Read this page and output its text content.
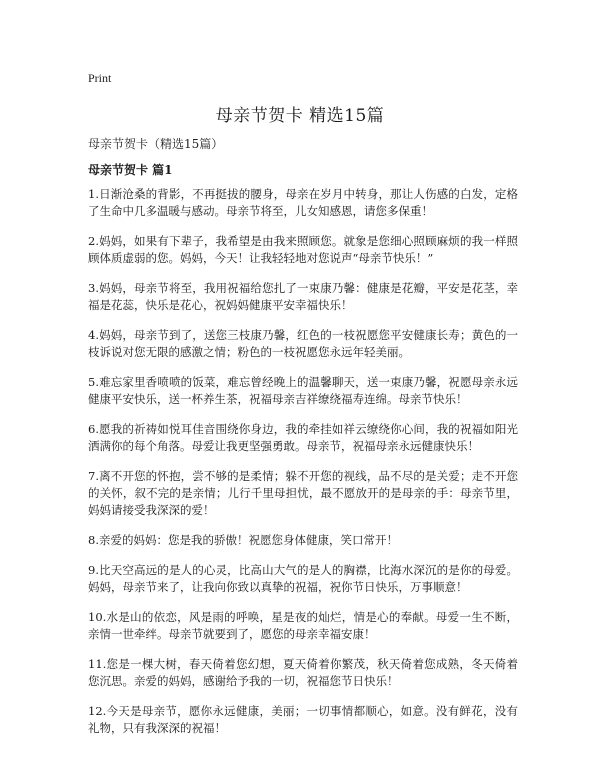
Print
母亲节贺卡 精选15篇
母亲节贺卡（精选15篇）
母亲节贺卡 篇1

1.日渐沧桑的背影，不再挺拔的腰身，母亲在岁月中转身，那让人伤感的白发，定格了生命中几多温暖与感动。母亲节将至，儿女知感恩，请您多保重！

2.妈妈，如果有下辈子，我希望是由我来照顾您。就象是您细心照顾麻烦的我一样照顾体质虚弱的您。妈妈，今天！让我轻轻地对您说声“母亲节快乐！”

3.妈妈，母亲节将至，我用祝福给您扎了一束康乃馨：健康是花瓣，平安是花茎，幸福是花蕊，快乐是花心，祝妈妈健康平安幸福快乐！

4.妈妈，母亲节到了，送您三枝康乃馨，红色的一枝祝愿您平安健康长寿；黄色的一枝诉说对您无限的感激之情；粉色的一枝祝愿您永远年轻美丽。

5.难忘家里香喷喷的饭菜，难忘曾经晚上的温馨聊天，送一束康乃馨，祝愿母亲永远健康平安快乐，送一杯养生茶，祝福母亲吉祥缭绕福寿连绵。母亲节快乐！

6.愿我的祈祷如悦耳佳音围绕你身边，我的牵挂如祥云缭绕你心间，我的祝福如阳光洒满你的每个角落。母爱让我更坚强勇敢。母亲节，祝福母亲永远健康快乐！

7.离不开您的怀抱，尝不够的是柔情；躲不开您的视线，品不尽的是关爱；走不开您的关怀，叙不完的是亲情；儿行千里母担忧，最不愿放开的是母亲的手：母亲节里，妈妈请接受我深深的爱！

8.亲爱的妈妈：您是我的骄傲！祝愿您身体健康，笑口常开！

9.比天空高远的是人的心灵，比高山大气的是人的胸襟，比海水深沉的是你的母爱。妈妈，母亲节来了，让我向你致以真挚的祝福，祝你节日快乐，万事顺意！

10.水是山的依恋，风是雨的呼唤，星是夜的灿烂，情是心的奉献。母爱一生不断，亲情一世牵绊。母亲节就要到了，愿您的母亲幸福安康！

11.您是一棵大树，春天倚着您幻想，夏天倚着你繁茂，秋天倚着您成熟，冬天倚着您沉思。亲爱的妈妈，感谢给予我的一切，祝福您节日快乐！

12.今天是母亲节，愿你永远健康，美丽；一切事情都顺心，如意。没有鲜花，没有礼物，只有我深深的祝福！
